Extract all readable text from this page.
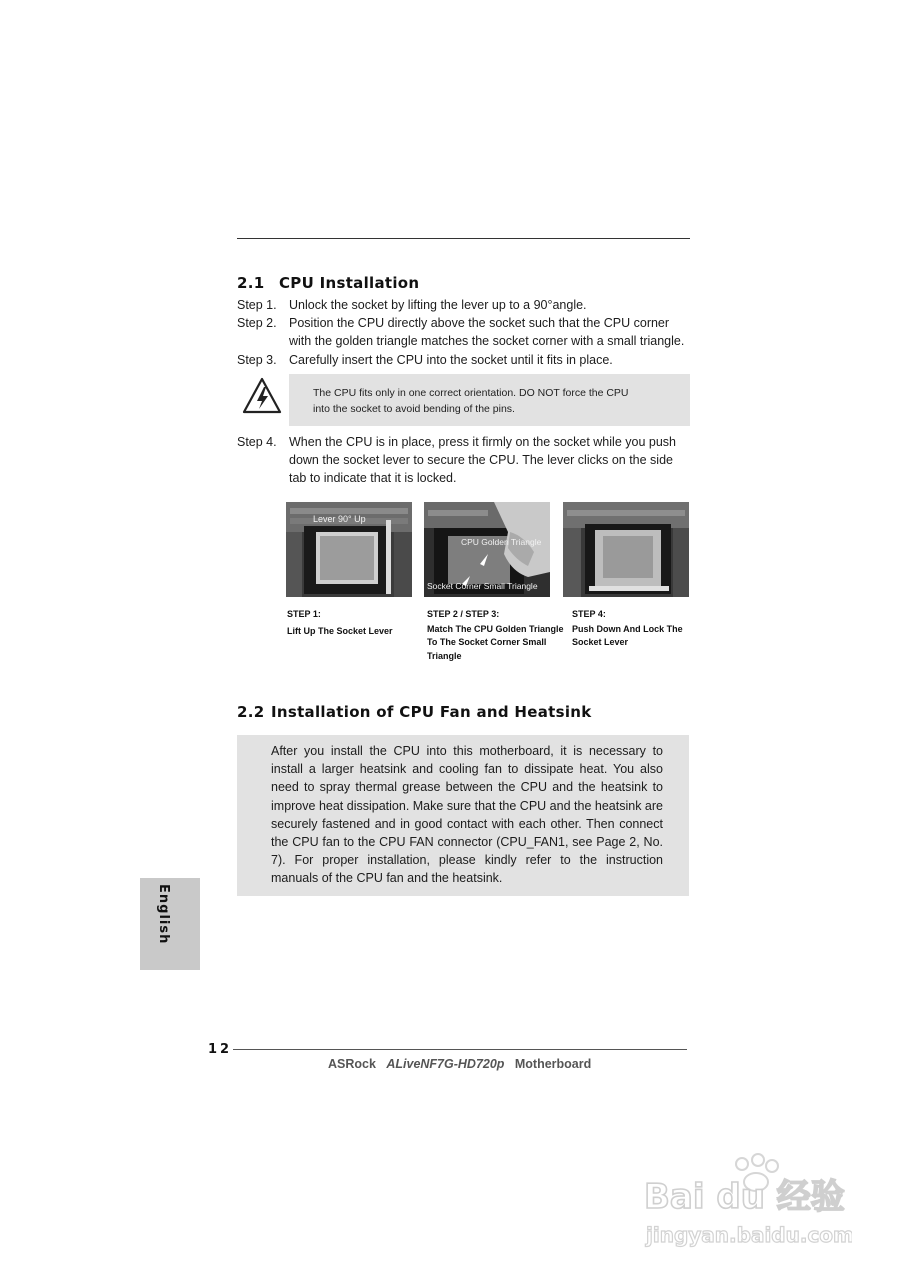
2.1 CPU Installation
Step 1. Unlock the socket by lifting the lever up to a 90°angle.
Step 2. Position the CPU directly above the socket such that the CPU corner with the golden triangle matches the socket corner with a small triangle.
Step 3. Carefully insert the CPU into the socket until it fits in place.
The CPU fits only in one correct orientation. DO NOT force the CPU
into the socket to avoid bending of the pins.
Step 4. When the CPU is in place, press it firmly on the socket while you push down the socket lever to secure the CPU. The lever clicks on the side tab to indicate that it is locked.
Lever 90° Up
STEP 1:
Lift Up The Socket Lever
CPU Golden Triangle
Socket Corner Small Triangle
STEP 2 / STEP 3:
Match The CPU Golden Triangle To The Socket Corner Small Triangle
STEP 4:
Push Down And Lock The Socket Lever
2.2 Installation of CPU Fan and Heatsink
After you install the CPU into this motherboard, it is necessary to install a larger heatsink and cooling fan to dissipate heat. You also need to spray thermal grease between the CPU and the heatsink to improve heat dissipation. Make sure that the CPU and the heatsink are securely fastened and in good contact with each other. Then connect the CPU fan to the CPU FAN connector (CPU_FAN1, see Page 2, No. 7). For proper installation, please kindly refer to the instruction manuals of the CPU fan and the heatsink.
English
12
ASRock ALiveNF7G-HD720p Motherboard
Bai du 经验
jingyan.baidu.com
